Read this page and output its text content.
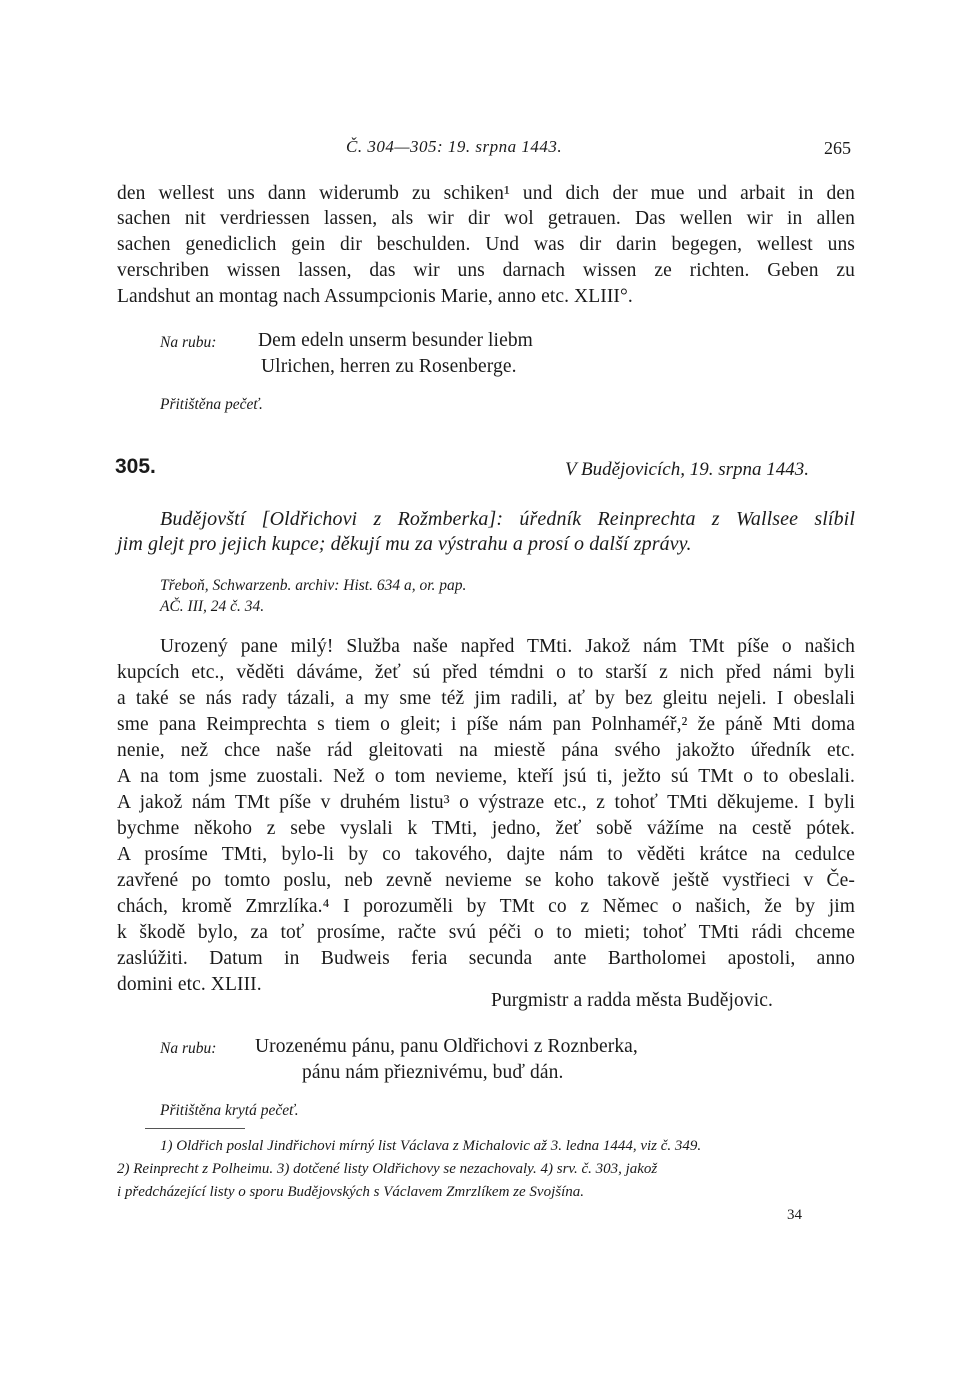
Č. 304—305: 19. srpna 1443.	265
den wellest uns dann widerumb zu schiken¹ und dich der mue und arbait in den
sachen nit verdriessen lassen, als wir dir wol getrauen. Das wellen wir in allen
sachen genediclich gein dir beschulden. Und was dir darin begegen, wellest uns
verschriben wissen lassen, das wir uns darnach wissen ze richten. Geben zu
Landshut an montag nach Assumpcionis Marie, anno etc. XLIII°.
Na rubu: Dem edeln unserm besunder liebm
Ulrichen, herren zu Rosenberge.
Přitištěna pečeť.
305.	V Budějovicích, 19. srpna 1443.
Budějovští [Oldřichovi z Rožmberka]: úředník Reinprechta z Wallsee slíbil
jim glejt pro jejich kupce; děkují mu za výstrahu a prosí o další zprávy.
Třeboň, Schwarzenb. archiv: Hist. 634 a, or. pap.
AČ. III, 24 č. 34.
Urozený pane milý! Služba naše napřed TMti. Jakož nám TMt píše o našich
kupcích etc., věděti dáváme, žeť sú před témdni o to starší z nich před námi byli
a také se nás rady tázali, a my sme též jim radili, ať by bez gleitu nejeli. I obeslali
sme pana Reimprechta s tiem o gleit; i píše nám pan Polnhaméř,² že páně Mti doma
nenie, než chce naše rád gleitovati na miestě pána svého jakožto úředník etc.
A na tom jsme zuostali. Než o tom nevieme, kteří jsú ti, ježto sú TMt o to obeslali.
A jakož nám TMt píše v druhém listu³ o výstraze etc., z tohoť TMti děkujeme. I byli
bychme někoho z sebe vyslali k TMti, jedno, žeť sobě vážíme na cestě pótek.
A prosíme TMti, bylo-li by co takového, dajte nám to věděti krátce na cedulce
zavřené po tomto poslu, neb zevně nevieme se koho takově ještě vystřieci v Če-
chách, kromě Zmrzlíka.⁴ I porozuměli by TMt co z Němec o našich, že by jim
k škodě bylo, za toť prosíme, račte svú péči o to mieti; tohoť TMti rádi chceme
zaslúžiti. Datum in Budweis feria secunda ante Bartholomei apostoli, anno
domini etc. XLIII.
Purgmistr a radda města Budějovic.
Na rubu: Urozenému pánu, panu Oldřichovi z Roznberka,
pánu nám přieznivému, buď dán.
Přitištěna krytá pečeť.
1) Oldřich poslal Jindřichovi mírný list Václava z Michalovic až 3. ledna 1444, viz č. 349.
2) Reinprecht z Polheimu. 3) dotčené listy Oldřichovy se nezachovaly. 4) srv. č. 303, jakož
i předcházející listy o sporu Budějovských s Václavem Zmrzlíkem ze Svojšína.
34
